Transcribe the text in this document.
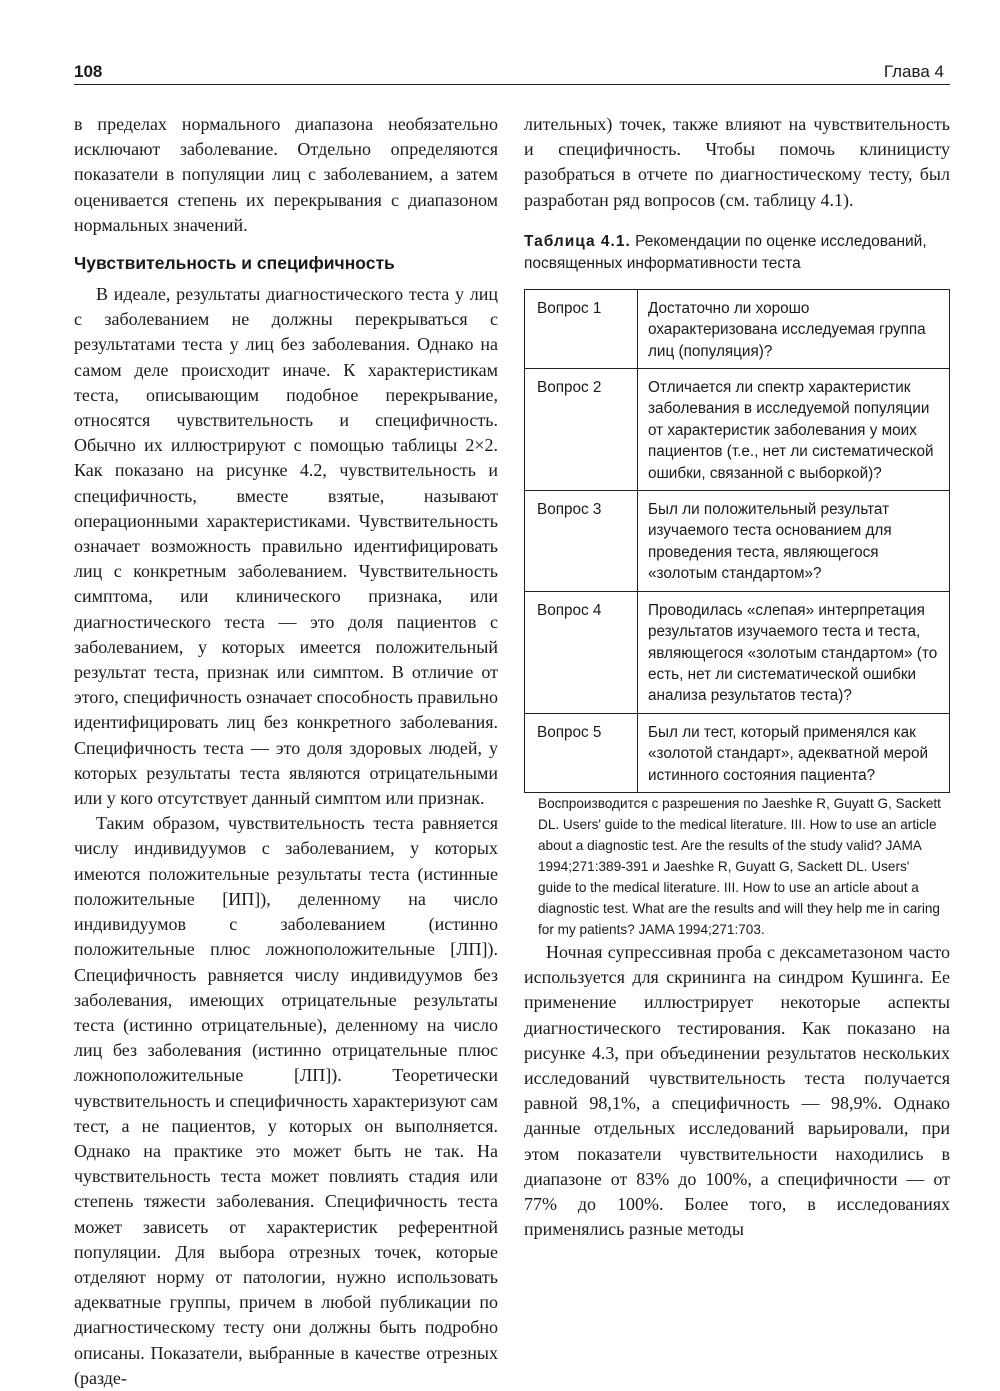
108	Глава 4

в пределах нормального диапазона необязательно исключают заболевание. Отдельно определяются показатели в популяции лиц с заболеванием, а затем оценивается степень их перекрывания с диапазоном нормальных значений.

Чувствительность и специфичность

В идеале, результаты диагностического теста у лиц с заболеванием не должны перекрываться с результатами теста у лиц без заболевания. Однако на самом деле происходит иначе. К характеристикам теста, описывающим подобное перекрывание, относятся чувствительность и специфичность. Обычно их иллюстрируют с помощью таблицы 2×2. Как показано на рисунке 4.2, чувствительность и специфичность, вместе взятые, называют операционными характеристиками. Чувствительность означает возможность правильно идентифицировать лиц с конкретным заболеванием. Чувствительность симптома, или клинического признака, или диагностического теста — это доля пациентов с заболеванием, у которых имеется положительный результат теста, признак или симптом. В отличие от этого, специфичность означает способность правильно идентифицировать лиц без конкретного заболевания. Специфичность теста — это доля здоровых людей, у которых результаты теста являются отрицательными или у кого отсутствует данный симптом или признак.

Таким образом, чувствительность теста равняется числу индивидуумов с заболеванием, у которых имеются положительные результаты теста (истинные положительные [ИП]), деленному на число индивидуумов с заболеванием (истинно положительные плюс ложноположительные [ЛП]). Специфичность равняется числу индивидуумов без заболевания, имеющих отрицательные результаты теста (истинно отрицательные), деленному на число лиц без заболевания (истинно отрицательные плюс ложноположительные [ЛП]). Теоретически чувствительность и специфичность характеризуют сам тест, а не пациентов, у которых он выполняется. Однако на практике это может быть не так. На чувствительность теста может повлиять стадия или степень тяжести заболевания. Специфичность теста может зависеть от характеристик референтной популяции. Для выбора отрезных точек, которые отделяют норму от патологии, нужно использовать адекватные группы, причем в любой публикации по диагностическому тесту они должны быть подробно описаны. Показатели, выбранные в качестве отрезных (разде-

лительных) точек, также влияют на чувствительность и специфичность. Чтобы помочь клиницисту разобраться в отчете по диагностическому тесту, был разработан ряд вопросов (см. таблицу 4.1).

Таблица 4.1. Рекомендации по оценке исследований, посвященных информативности теста
Вопрос 1	Достаточно ли хорошо охарактеризована исследуемая группа лиц (популяция)?
Вопрос 2	Отличается ли спектр характеристик заболевания в исследуемой популяции от характеристик заболевания у моих пациентов (т.е., нет ли систематической ошибки, связанной с выборкой)?
Вопрос 3	Был ли положительный результат изучаемого теста основанием для проведения теста, являющегося «золотым стандартом»?
Вопрос 4	Проводилась «слепая» интерпретация результатов изучаемого теста и теста, являющегося «золотым стандартом» (то есть, нет ли систематической ошибки анализа результатов теста)?
Вопрос 5	Был ли тест, который применялся как «золотой стандарт», адекватной мерой истинного состояния пациента?

Воспроизводится с разрешения по Jaeshke R, Guyatt G, Sackett DL. Users' guide to the medical literature. III. How to use an article about a diagnostic test. Are the results of the study valid? JAMA 1994;271:389-391 и Jaeshke R, Guyatt G, Sackett DL. Users' guide to the medical literature. III. How to use an article about a diagnostic test. What are the results and will they help me in caring for my patients? JAMA 1994;271:703.

Ночная супрессивная проба с дексаметазоном часто используется для скрининга на синдром Кушинга. Ее применение иллюстрирует некоторые аспекты диагностического тестирования. Как показано на рисунке 4.3, при объединении результатов нескольких исследований чувствительность теста получается равной 98,1%, а специфичность — 98,9%. Однако данные отдельных исследований варьировали, при этом показатели чувствительности находились в диапазоне от 83% до 100%, а специфичности — от 77% до 100%. Более того, в исследованиях применялись разные методы
